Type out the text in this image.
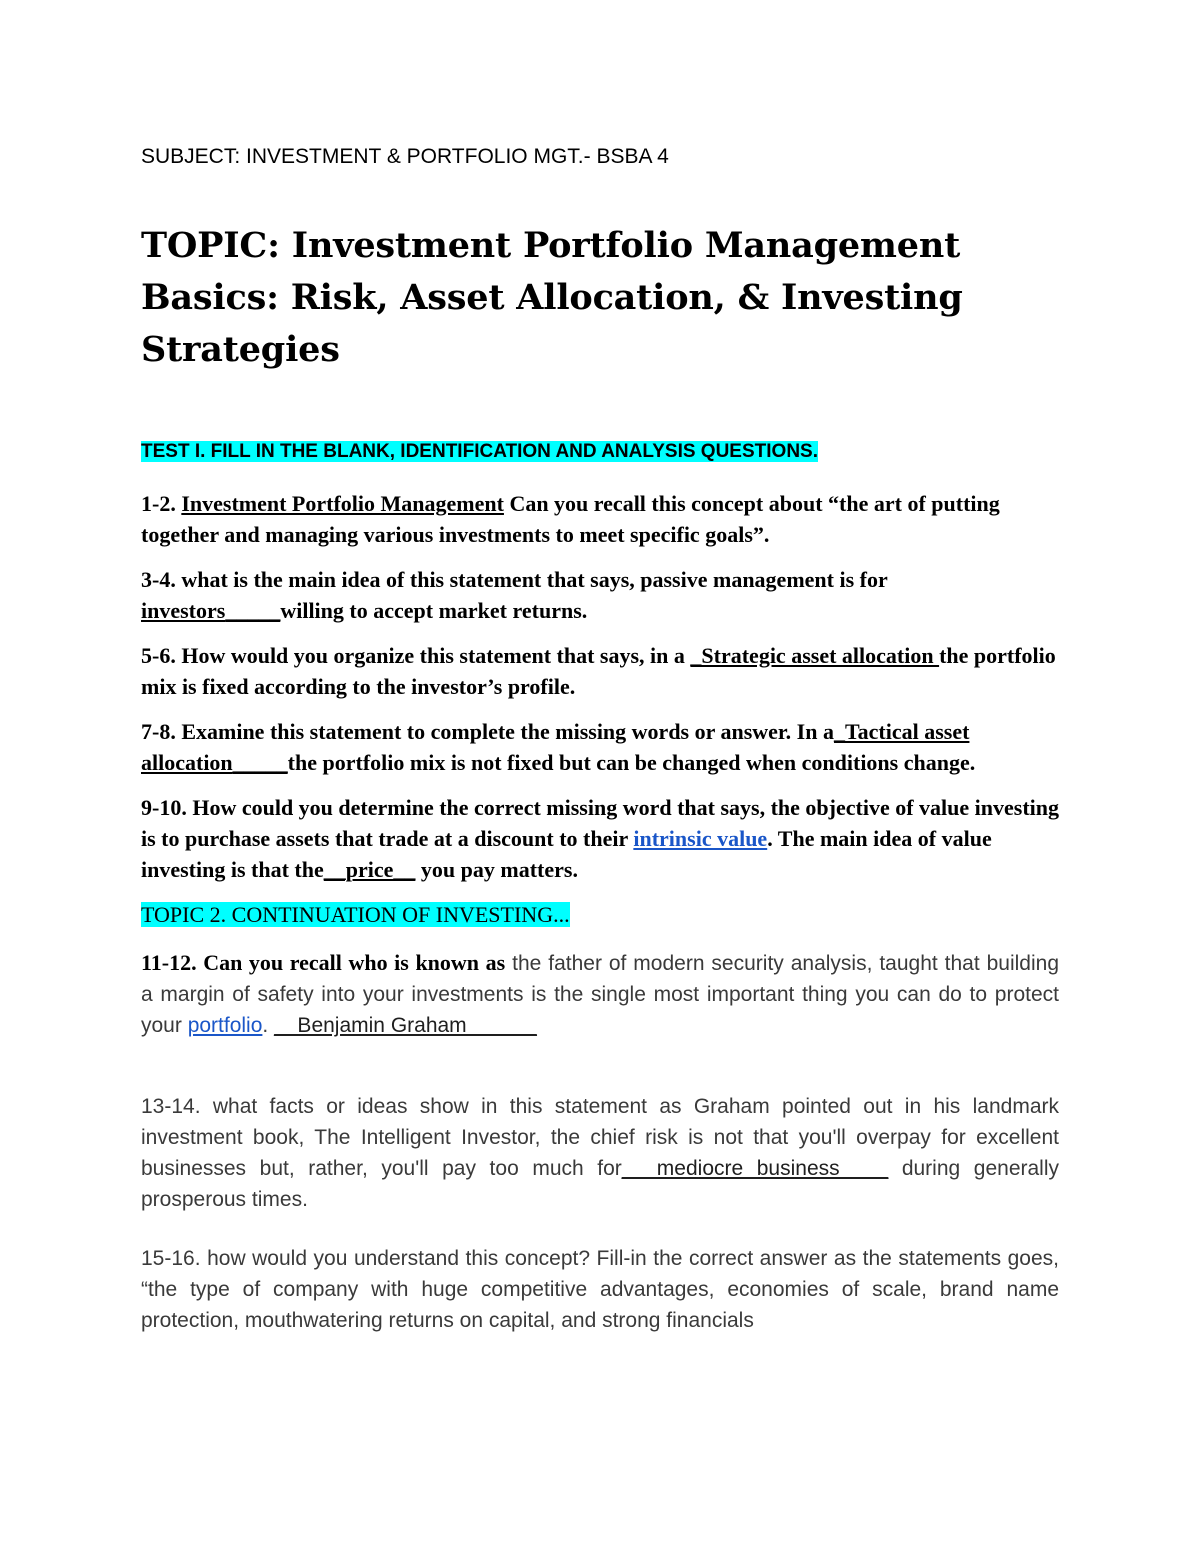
SUBJECT: INVESTMENT & PORTFOLIO MGT.- BSBA 4

TOPIC: Investment Portfolio Management Basics: Risk, Asset Allocation, & Investing Strategies

TEST I. FILL IN THE BLANK, IDENTIFICATION AND ANALYSIS QUESTIONS.

1-2. Investment Portfolio Management Can you recall this concept about “the art of putting together and managing various investments to meet specific goals”.

3-4. what is the main idea of this statement that says, passive management is for investors_____willing to accept market returns.

5-6. How would you organize this statement that says, in a _Strategic asset allocation the portfolio mix is fixed according to the investor’s profile.

7-8. Examine this statement to complete the missing words or answer. In a_Tactical asset allocation_____the portfolio mix is not fixed but can be changed when conditions change.

9-10. How could you determine the correct missing word that says, the objective of value investing is to purchase assets that trade at a discount to their intrinsic value. The main idea of value investing is that the__price__ you pay matters.

TOPIC 2. CONTINUATION OF INVESTING...

11-12. Can you recall who is known as the father of modern security analysis, taught that building a margin of safety into your investments is the single most important thing you can do to protect your portfolio. __Benjamin Graham______

13-14. what facts or ideas show in this statement as Graham pointed out in his landmark investment book, The Intelligent Investor, the chief risk is not that you'll overpay for excellent businesses but, rather, you'll pay too much for___mediocre business_ __ during generally prosperous times.

15-16. how would you understand this concept? Fill-in the correct answer as the statements goes, “the type of company with huge competitive advantages, economies of scale, brand name protection, mouthwatering returns on capital, and strong financials
